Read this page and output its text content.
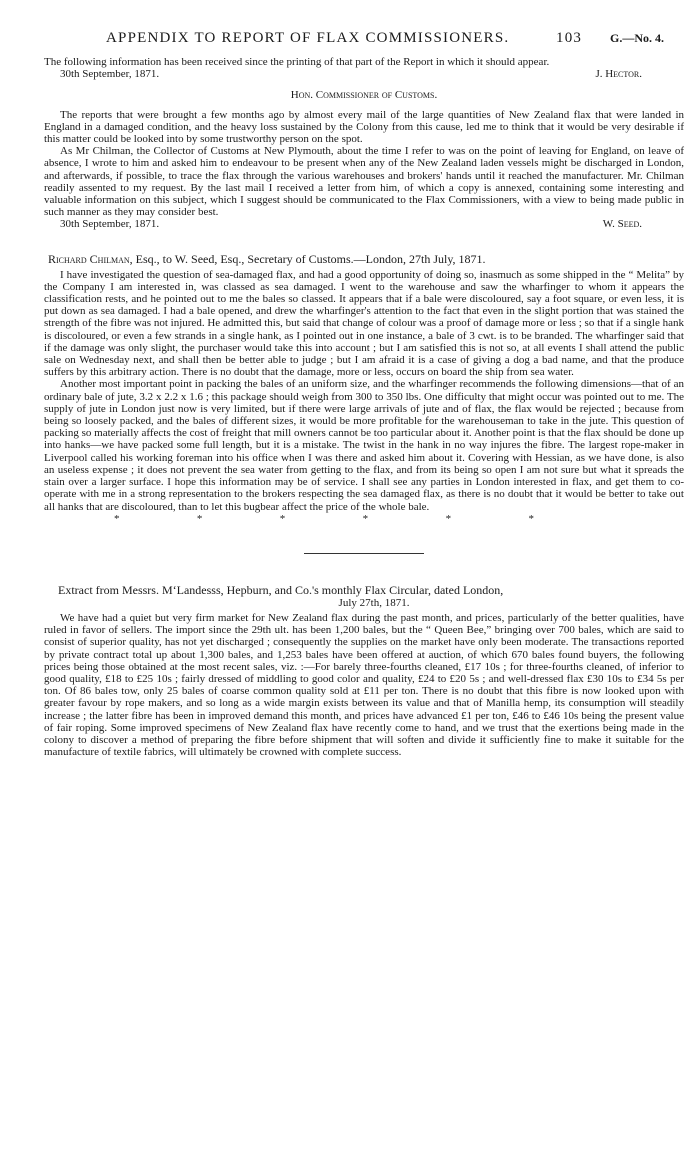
APPENDIX TO REPORT OF FLAX COMMISSIONERS.	103 G.—No. 4.

The following information has been received since the printing of that part of the Report in which it should appear.

30th September, 1871.	J. Hector.
Hon. Commissioner of Customs.

The reports that were brought a few months ago by almost every mail of the large quantities of New Zealand flax that were landed in England in a damaged condition, and the heavy loss sustained by the Colony from this cause, led me to think that it would be very desirable if this matter could be looked into by some trustworthy person on the spot.

As Mr Chilman, the Collector of Customs at New Plymouth, about the time I refer to was on the point of leaving for England, on leave of absence, I wrote to him and asked him to endeavour to be present when any of the New Zealand laden vessels might be discharged in London, and afterwards, if possible, to trace the flax through the various warehouses and brokers' hands until it reached the manufacturer. Mr. Chilman readily assented to my request. By the last mail I received a letter from him, of which a copy is annexed, containing some interesting and valuable information on this subject, which I suggest should be communicated to the Flax Commissioners, with a view to being made public in such manner as they may consider best.

30th September, 1871.	W. Seed.
Richard Chilman, Esq., to W. Seed, Esq., Secretary of Customs.—London, 27th July, 1871.

I have investigated the question of sea-damaged flax, and had a good opportunity of doing so, inasmuch as some shipped in the “ Melita” by the Company I am interested in, was classed as sea damaged. I went to the warehouse and saw the wharfinger to whom it appears the classification rests, and he pointed out to me the bales so classed. It appears that if a bale were discoloured, say a foot square, or even less, it is put down as sea damaged. I had a bale opened, and drew the wharfinger's attention to the fact that even in the slight portion that was stained the strength of the fibre was not injured. He admitted this, but said that change of colour was a proof of damage more or less ; so that if a single hank is discoloured, or even a few strands in a single hank, as I pointed out in one instance, a bale of 3 cwt. is to be branded. The wharfinger said that if the damage was only slight, the purchaser would take this into account ; but I am satisfied this is not so, at all events I shall attend the public sale on Wednesday next, and shall then be better able to judge ; but I am afraid it is a case of giving a dog a bad name, and that the produce suffers by this arbitrary action. There is no doubt that the damage, more or less, occurs on board the ship from sea water.

Another most important point in packing the bales of an uniform size, and the wharfinger recommends the following dimensions—that of an ordinary bale of jute, 3.2 x 2.2 x 1.6 ; this package should weigh from 300 to 350 lbs. One difficulty that might occur was pointed out to me. The supply of jute in London just now is very limited, but if there were large arrivals of jute and of flax, the flax would be rejected ; because from being so loosely packed, and the bales of different sizes, it would be more profitable for the warehouseman to take in the jute. This question of packing so materially affects the cost of freight that mill owners cannot be too particular about it. Another point is that the flax should be done up into hanks—we have packed some full length, but it is a mistake. The twist in the hank in no way injures the fibre. The largest rope-maker in Liverpool called his working foreman into his office when I was there and asked him about it. Covering with Hessian, as we have done, is also an useless expense ; it does not prevent the sea water from getting to the flax, and from its being so open I am not sure but what it spreads the stain over a larger surface. I hope this information may be of service. I shall see any parties in London interested in flax, and get them to co-operate with me in a strong representation to the brokers respecting the sea damaged flax, as there is no doubt that it would be better to take out all hanks that are discoloured, than to let this bugbear affect the price of the whole bale.

*	*	*	*	*	*
Extract from Messrs. M‘Landesss, Hepburn, and Co.'s monthly Flax Circular, dated London,
July 27th, 1871.

We have had a quiet but very firm market for New Zealand flax during the past month, and prices, particularly of the better qualities, have ruled in favor of sellers. The import since the 29th ult. has been 1,200 bales, but the “ Queen Bee,” bringing over 700 bales, which are said to consist of superior quality, has not yet discharged ; consequently the supplies on the market have only been moderate. The transactions reported by private contract total up about 1,300 bales, and 1,253 bales have been offered at auction, of which 670 bales found buyers, the following prices being those obtained at the most recent sales, viz. :—For barely three-fourths cleaned, £17 10s ; for three-fourths cleaned, of inferior to good quality, £18 to £25 10s ; fairly dressed of middling to good color and quality, £24 to £20 5s ; and well-dressed flax £30 10s to £34 5s per ton. Of 86 bales tow, only 25 bales of coarse common quality sold at £11 per ton. There is no doubt that this fibre is now looked upon with greater favour by rope makers, and so long as a wide margin exists between its value and that of Manilla hemp, its consumption will steadily increase ; the latter fibre has been in improved demand this month, and prices have advanced £1 per ton, £46 to £46 10s being the present value of fair roping. Some improved specimens of New Zealand flax have recently come to hand, and we trust that the exertions being made in the colony to discover a method of preparing the fibre before shipment that will soften and divide it sufficiently fine to make it suitable for the manufacture of textile fabrics, will ultimately be crowned with complete success.
